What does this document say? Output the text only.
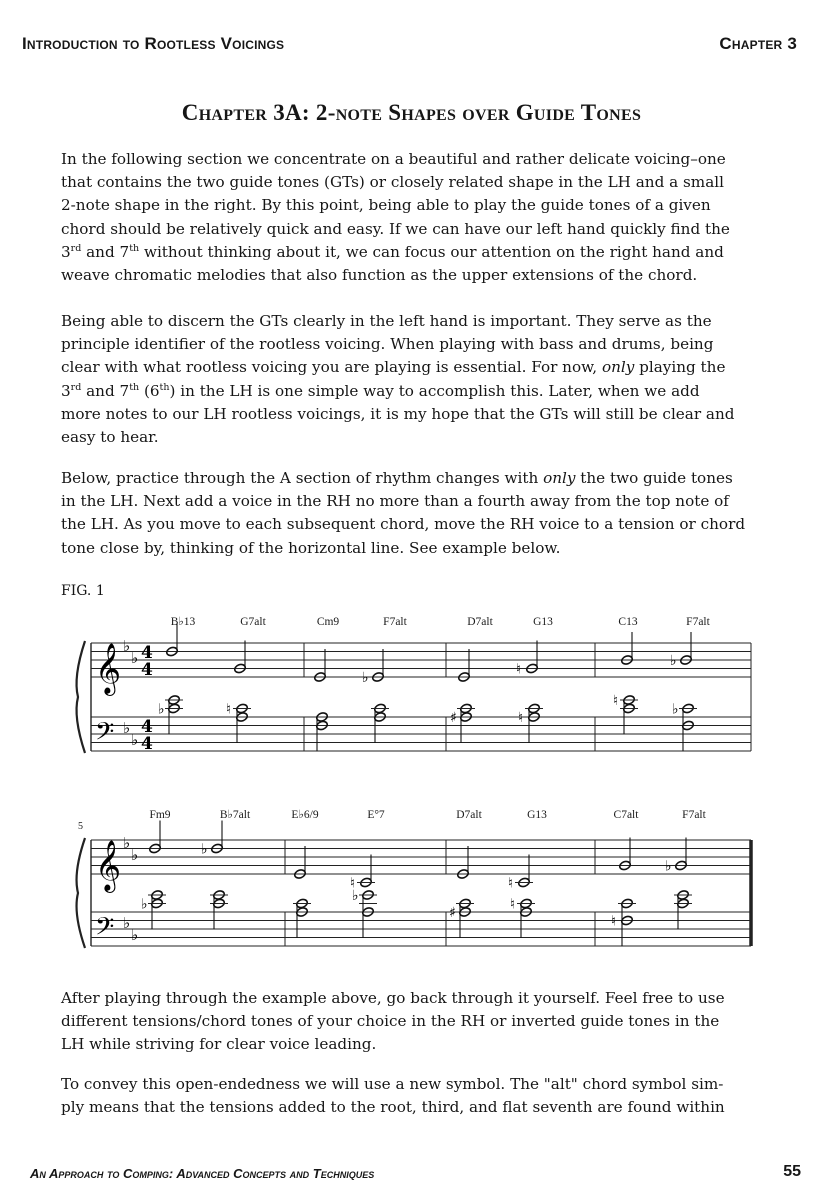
Introduction to Rootless Voicings	Chapter 3
Chapter 3A: 2-note Shapes over Guide Tones

In the following section we concentrate on a beautiful and rather delicate voicing–one
that contains the two guide tones (GTs) or closely related shape in the LH and a small
2-note shape in the right. By this point, being able to play the guide tones of a given
chord should be relatively quick and easy. If we can have our left hand quickly find the
3rd and 7th without thinking about it, we can focus our attention on the right hand and
weave chromatic melodies that also function as the upper extensions of the chord.

Being able to discern the GTs clearly in the left hand is important. They serve as the
principle identifier of the rootless voicing. When playing with bass and drums, being
clear with what rootless voicing you are playing is essential. For now, only playing the
3rd and 7th (6th) in the LH is one simple way to accomplish this. Later, when we add
more notes to our LH rootless voicings, it is my hope that the GTs will still be clear and
easy to hear.

Below, practice through the A section of rhythm changes with only the two guide tones
in the LH. Next add a voice in the RH no more than a fourth away from the top note of
the LH. As you move to each subsequent chord, move the RH voice to a tension or chord
tone close by, thinking of the horizontal line. See example below.

FIG. 1
𝄞
𝄢
♭
♭
♭
♭
4
4
4
4
B♭13	G7alt	Cm9	F7alt	D7alt	G13	C13	F7alt
♭
♮
♭
♭	♮
♯	♮
♮
♭
𝄞
𝄢
♭
♭
♭
♭
5
Fm9	B♭7alt	E♭6/9	E°7	D7alt	G13	C7alt	F7alt
♭
♮	♮
♭
♭
♭
♯
♮
♮

After playing through the example above, go back through it yourself. Feel free to use
different tensions/chord tones of your choice in the RH or inverted guide tones in the
LH while striving for clear voice leading.

To convey this open-endedness we will use a new symbol. The "alt" chord symbol sim-
ply means that the tensions added to the root, third, and flat seventh are found within

An Approach to Comping: Advanced Concepts and Techniques	55
